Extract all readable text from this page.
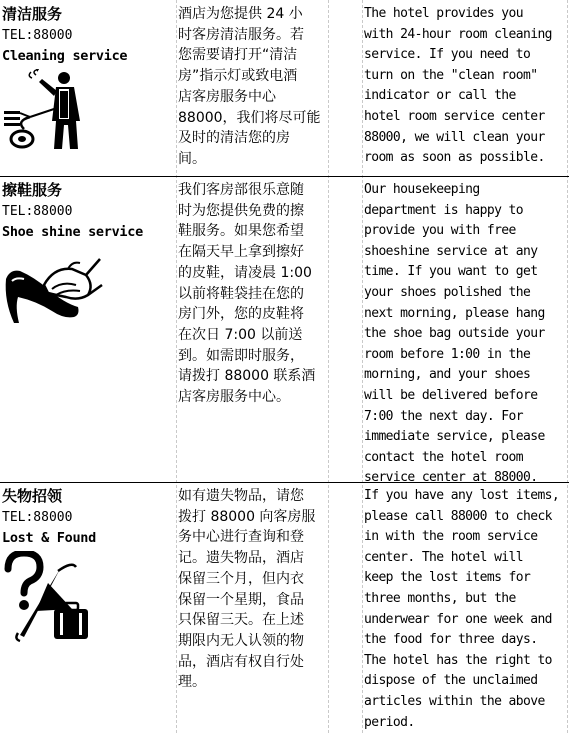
清洁服务
TEL:88000
Cleaning service
酒店为您提供 24 小
时客房清洁服务。若
您需要请打开“清洁
房”指示灯或致电酒
店客房服务中心
88000，我们将尽可能
及时的清洁您的房
间。
The hotel provides you
with 24-hour room cleaning
service. If you need to
turn on the "clean room"
indicator or call the
hotel room service center
88000, we will clean your
room as soon as possible.
擦鞋服务
TEL:88000
Shoe shine service
我们客房部很乐意随
时为您提供免费的擦
鞋服务。如果您希望
在隔天早上拿到擦好
的皮鞋，请凌晨 1:00
以前将鞋袋挂在您的
房门外，您的皮鞋将
在次日 7:00 以前送
到。如需即时服务，
请拨打 88000 联系酒
店客房服务中心。
Our housekeeping
department is happy to
provide you with free
shoeshine service at any
time. If you want to get
your shoes polished the
next morning, please hang
the shoe bag outside your
room before 1:00 in the
morning, and your shoes
will be delivered before
7:00 the next day. For
immediate service, please
contact the hotel room
service center at 88000.
失物招领
TEL:88000
Lost & Found
如有遗失物品，请您
拨打 88000 向客房服
务中心进行查询和登
记。遗失物品，酒店
保留三个月，但内衣
保留一个星期，食品
只保留三天。在上述
期限内无人认领的物
品，酒店有权自行处
理。
If you have any lost items,
please call 88000 to check
in with the room service
center. The hotel will
keep the lost items for
three months, but the
underwear for one week and
the food for three days.
The hotel has the right to
dispose of the unclaimed
articles within the above
period.
